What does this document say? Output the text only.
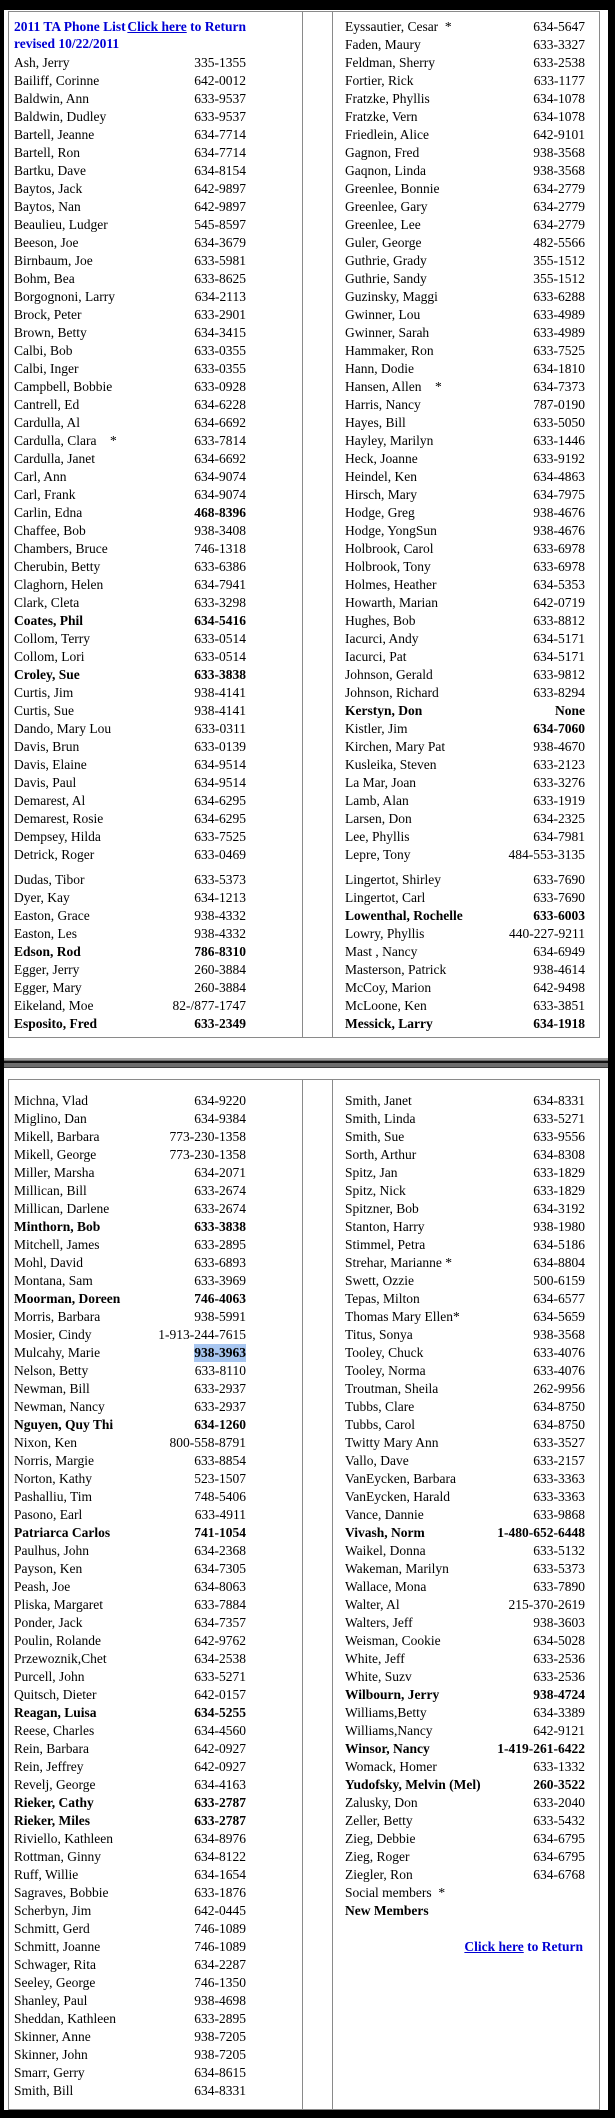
2011 TA Phone List
revised 10/22/2011
Click here to Return
Ash, Jerry	335-1355
Bailiff, Corinne	642-0012
Baldwin, Ann	633-9537
Baldwin, Dudley	633-9537
Bartell, Jeanne	634-7714
Bartell, Ron	634-7714
Bartku, Dave	634-8154
Baytos, Jack	642-9897
Baytos, Nan	642-9897
Beaulieu, Ludger	545-8597
Beeson, Joe	634-3679
Birnbaum, Joe	633-5981
Bohm, Bea	633-8625
Borgognoni, Larry	634-2113
Brock, Peter	633-2901
Brown, Betty	634-3415
Calbi, Bob	633-0355
Calbi, Inger	633-0355
Campbell, Bobbie	633-0928
Cantrell, Ed	634-6228
Cardulla, Al	634-6692
Cardulla, Clara    *	633-7814
Cardulla, Janet	634-6692
Carl, Ann	634-9074
Carl, Frank	634-9074
Carlin, Edna	468-8396
Chaffee, Bob	938-3408
Chambers, Bruce	746-1318
Cherubin, Betty	633-6386
Claghorn, Helen	634-7941
Clark, Cleta	633-3298
Coates, Phil	634-5416
Collom, Terry	633-0514
Collom, Lori	633-0514
Croley, Sue	633-3838
Curtis, Jim	938-4141
Curtis, Sue	938-4141
Dando, Mary Lou	633-0311
Davis, Brun	633-0139
Davis, Elaine	634-9514
Davis, Paul	634-9514
Demarest, Al	634-6295
Demarest, Rosie	634-6295
Dempsey, Hilda	633-7525
Detrick, Roger	633-0469
Dudas, Tibor	633-5373
Dyer, Kay	634-1213
Easton, Grace	938-4332
Easton, Les	938-4332
Edson, Rod	786-8310
Egger, Jerry	260-3884
Egger, Mary	260-3884
Eikeland, Moe	82-/877-1747
Esposito, Fred	633-2349
Eyssautier, Cesar  *	634-5647
Faden, Maury	633-3327
Feldman, Sherry	633-2538
Fortier, Rick	633-1177
Fratzke, Phyllis	634-1078
Fratzke, Vern	634-1078
Friedlein, Alice	642-9101
Gagnon, Fred	938-3568
Gaqnon, Linda	938-3568
Greenlee, Bonnie	634-2779
Greenlee, Gary	634-2779
Greenlee, Lee	634-2779
Guler, George	482-5566
Guthrie, Grady	355-1512
Guthrie, Sandy	355-1512
Guzinsky, Maggi	633-6288
Gwinner, Lou	633-4989
Gwinner, Sarah	633-4989
Hammaker, Ron	633-7525
Hann, Dodie	634-1810
Hansen, Allen    *	634-7373
Harris, Nancy	787-0190
Hayes, Bill	633-5050
Hayley, Marilyn	633-1446
Heck, Joanne	633-9192
Heindel, Ken	634-4863
Hirsch, Mary	634-7975
Hodge, Greg	938-4676
Hodge, YongSun	938-4676
Holbrook, Carol	633-6978
Holbrook, Tony	633-6978
Holmes, Heather	634-5353
Howarth, Marian	642-0719
Hughes, Bob	633-8812
Iacurci, Andy	634-5171
Iacurci, Pat	634-5171
Johnson, Gerald	633-9812
Johnson, Richard	633-8294
Kerstyn, Don	None
Kistler, Jim	634-7060
Kirchen, Mary Pat	938-4670
Kusleika, Steven	633-2123
La Mar, Joan	633-3276
Lamb, Alan	633-1919
Larsen, Don	634-2325
Lee, Phyllis	634-7981
Lepre, Tony	484-553-3135
Lingertot, Shirley	633-7690
Lingertot, Carl	633-7690
Lowenthal, Rochelle	633-6003
Lowry, Phyllis	440-227-9211
Mast , Nancy	634-6949
Masterson, Patrick	938-4614
McCoy, Marion	642-9498
McLoone, Ken	633-3851
Messick, Larry	634-1918
Michna, Vlad	634-9220
Miglino, Dan	634-9384
Mikell, Barbara	773-230-1358
Mikell, George	773-230-1358
Miller, Marsha	634-2071
Millican, Bill	633-2674
Millican, Darlene	633-2674
Minthorn, Bob	633-3838
Mitchell, James	633-2895
Mohl, David	633-6893
Montana, Sam	633-3969
Moorman, Doreen	746-4063
Morris, Barbara	938-5991
Mosier, Cindy	1-913-244-7615
Mulcahy, Marie	938-3963
Nelson, Betty	633-8110
Newman, Bill	633-2937
Newman, Nancy	633-2937
Nguyen, Quy Thi	634-1260
Nixon, Ken	800-558-8791
Norris, Margie	633-8854
Norton, Kathy	523-1507
Pashalliu, Tim	748-5406
Pasono, Earl	633-4911
Patriarca Carlos	741-1054
Paulhus, John	634-2368
Payson, Ken	634-7305
Peash, Joe	634-8063
Pliska, Margaret	633-7884
Ponder, Jack	634-7357
Poulin, Rolande	642-9762
Przewoznik,Chet	634-2538
Purcell, John	633-5271
Quitsch, Dieter	642-0157
Reagan, Luisa	634-5255
Reese, Charles	634-4560
Rein, Barbara	642-0927
Rein, Jeffrey	642-0927
Revelj, George	634-4163
Rieker, Cathy	633-2787
Rieker, Miles	633-2787
Riviello, Kathleen	634-8976
Rottman, Ginny	634-8122
Ruff, Willie	634-1654
Sagraves, Bobbie	633-1876
Scherbyn, Jim	642-0445
Schmitt, Gerd	746-1089
Schmitt, Joanne	746-1089
Schwager, Rita	634-2287
Seeley, George	746-1350
Shanley, Paul	938-4698
Sheddan, Kathleen	633-2895
Skinner, Anne	938-7205
Skinner, John	938-7205
Smarr, Gerry	634-8615
Smith, Bill	634-8331
Smith, Janet	634-8331
Smith, Linda	633-5271
Smith, Sue	633-9556
Sorth, Arthur	634-8308
Spitz, Jan	633-1829
Spitz, Nick	633-1829
Spitzner, Bob	634-3192
Stanton, Harry	938-1980
Stimmel, Petra	634-5186
Strehar, Marianne *	634-8804
Swett, Ozzie	500-6159
Tepas, Milton	634-6577
Thomas Mary Ellen*	634-5659
Titus, Sonya	938-3568
Tooley, Chuck	633-4076
Tooley, Norma	633-4076
Troutman, Sheila	262-9956
Tubbs, Clare	634-8750
Tubbs, Carol	634-8750
Twitty Mary Ann	633-3527
Vallo, Dave	633-2157
VanEycken, Barbara	633-3363
VanEycken, Harald	633-3363
Vance, Dannie	633-9868
Vivash, Norm	1-480-652-6448
Waikel, Donna	633-5132
Wakeman, Marilyn	633-5373
Wallace, Mona	633-7890
Walter, Al	215-370-2619
Walters, Jeff	938-3603
Weisman, Cookie	634-5028
White, Jeff	633-2536
White, Suzv	633-2536
Wilbourn, Jerry	938-4724
Williams,Betty	634-3389
Williams,Nancy	642-9121
Winsor, Nancy	1-419-261-6422
Womack, Homer	633-1332
Yudofsky, Melvin (Mel)	260-3522
Zalusky, Don	633-2040
Zeller, Betty	633-5432
Zieg, Debbie	634-6795
Zieg, Roger	634-6795
Ziegler, Ron	634-6768
Social members  *
New Members
Click here to Return
